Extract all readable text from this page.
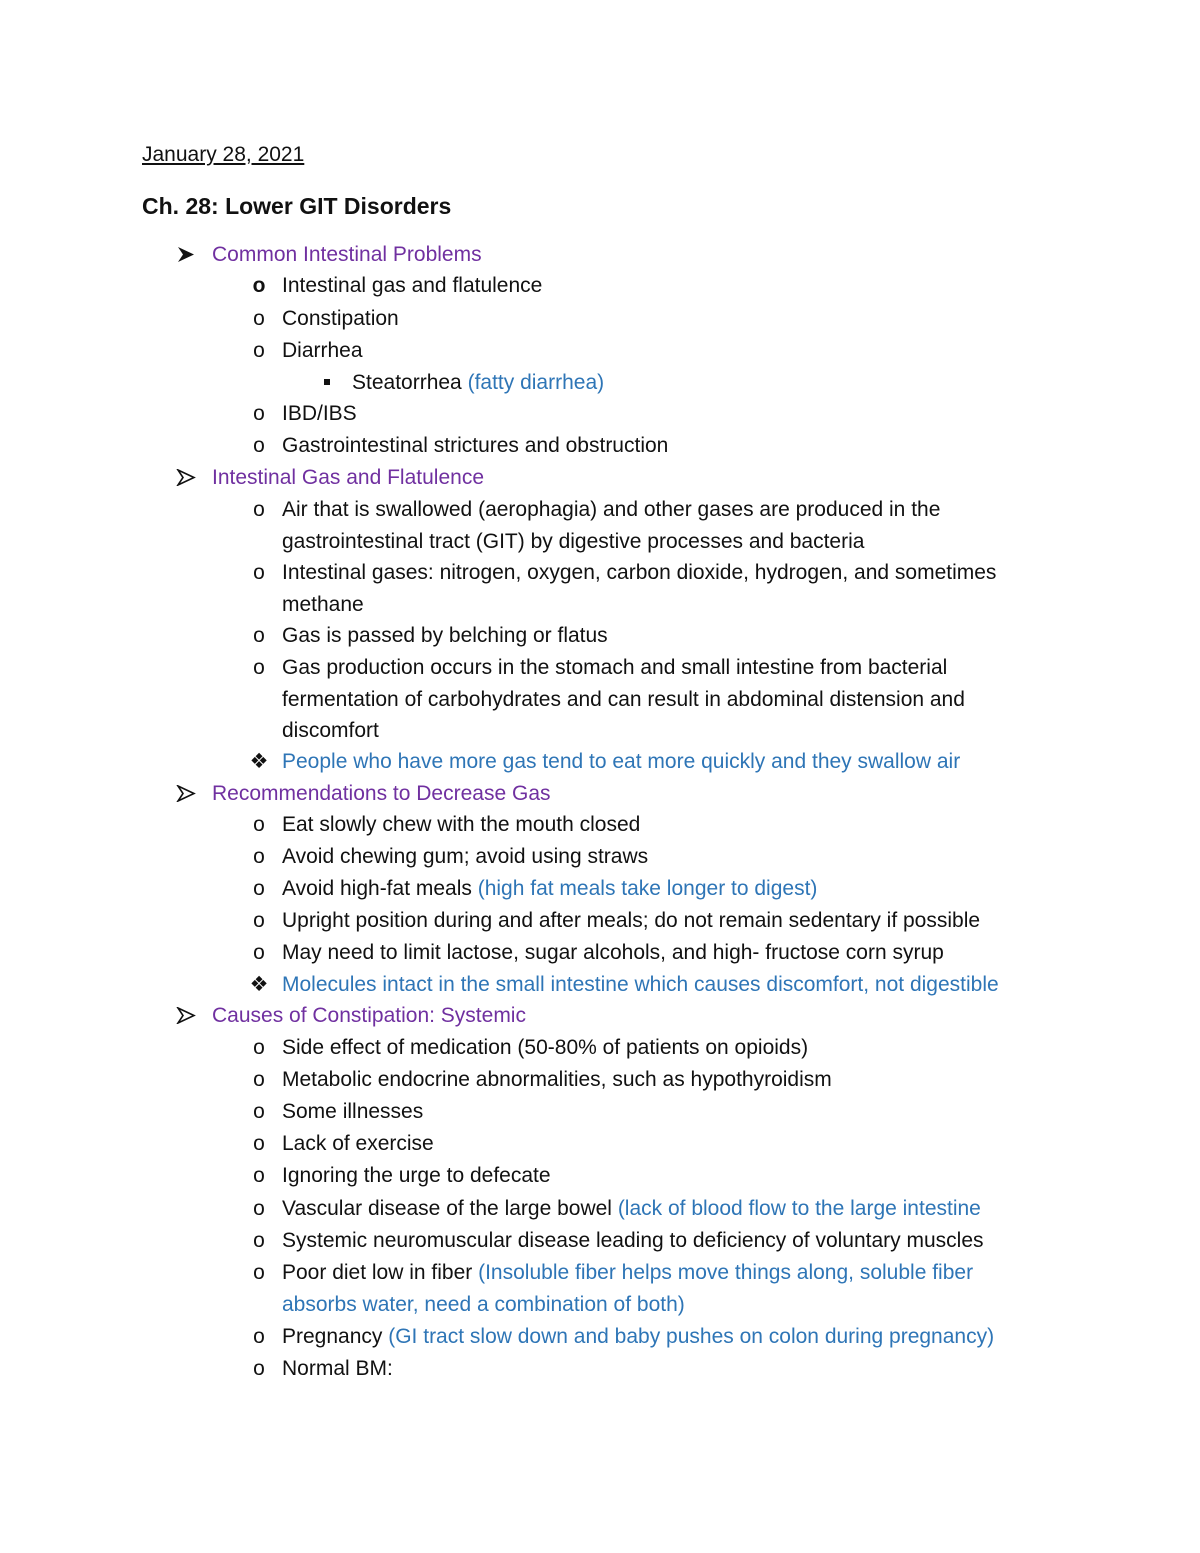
January 28, 2021
Ch. 28: Lower GIT Disorders
Common Intestinal Problems
o Intestinal gas and flatulence
o Constipation
o Diarrhea
Steatorrhea (fatty diarrhea)
o IBD/IBS
o Gastrointestinal strictures and obstruction
Intestinal Gas and Flatulence
o Air that is swallowed (aerophagia) and other gases are produced in the
gastrointestinal tract (GIT) by digestive processes and bacteria
o Intestinal gases: nitrogen, oxygen, carbon dioxide, hydrogen, and sometimes
methane
o Gas is passed by belching or flatus
o Gas production occurs in the stomach and small intestine from bacterial
fermentation of carbohydrates and can result in abdominal distension and
discomfort
❖ People who have more gas tend to eat more quickly and they swallow air
Recommendations to Decrease Gas
o Eat slowly chew with the mouth closed
o Avoid chewing gum; avoid using straws
o Avoid high-fat meals (high fat meals take longer to digest)
o Upright position during and after meals; do not remain sedentary if possible
o May need to limit lactose, sugar alcohols, and high- fructose corn syrup
❖ Molecules intact in the small intestine which causes discomfort, not digestible
Causes of Constipation: Systemic
o Side effect of medication (50-80% of patients on opioids)
o Metabolic endocrine abnormalities, such as hypothyroidism
o Some illnesses
o Lack of exercise
o Ignoring the urge to defecate
o Vascular disease of the large bowel (lack of blood flow to the large intestine
o Systemic neuromuscular disease leading to deficiency of voluntary muscles
o Poor diet low in fiber (Insoluble fiber helps move things along, soluble fiber
absorbs water, need a combination of both)
o Pregnancy (GI tract slow down and baby pushes on colon during pregnancy)
o Normal BM:
